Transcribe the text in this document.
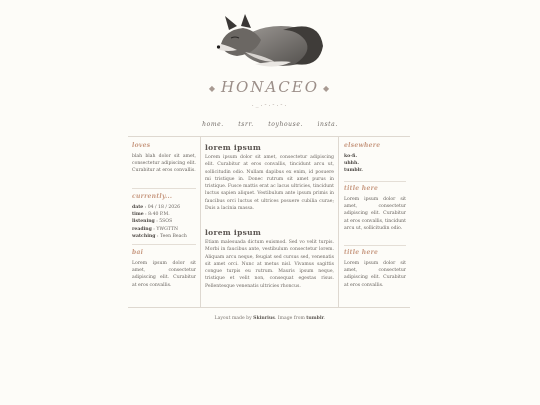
◆ HONACEO ◆
._.-.-.-.
home. tsrr. toyhouse. insta.
loves
blah blah dolor sit amet, consectetur adipiscing elit. Curabitur at eros convallis.
currently...
date : 04 / 18 / 2026
time : 8:40 P.M.
listening : 5SOS
reading : YWGTTN
watching : Teen Beach
bai
Lorem ipsum dolor sit amet, consectetur adipiscing elit. Curabitur at eros convallis.
lorem ipsum
Lorem ipsum dolor sit amet, consectetur adipiscing elit. Curabitur at eros convallis, tincidunt arcu ut, sollicitudin odio. Nullam dapibus ex enim, id posuere mi tristique in. Donec rutrum sit amet purus in tristique. Fusce mattis erat ac lacus ultricies, tincidunt luctus sapien aliquet. Vestibulum ante ipsum primis in faucibus orci luctus et ultrices posuere cubilia curae; Duis a lacinia massa.
lorem ipsum
Etiam malesuada dictum euismod. Sed vo velit turpis. Morbi in faucibus ante, vestibulum consectetur lorem. Aliquam arcu neque, feugiat sed cursus sed, venenatis sit amet orci. Nunc at metus nisl. Vivamus sagittis congue turpis eu rutrum. Mauris ipsum neque, tristique et velit non, consequat egestas risus. Pellentesque venenatis ultricies rhoncus.
elsewhere
ko-fi.
uhhh.
tumblr.
title here
Lorem ipsum dolor sit amet, consectetur adipiscing elit. Curabitur at eros convallis, tincidunt arcu ut, sollicitudin odio.
title here
Lorem ipsum dolor sit amet, consectetur adipiscing elit. Curabitur at eros convallis.
Layout made by Skinrius. Image from tumblr.
